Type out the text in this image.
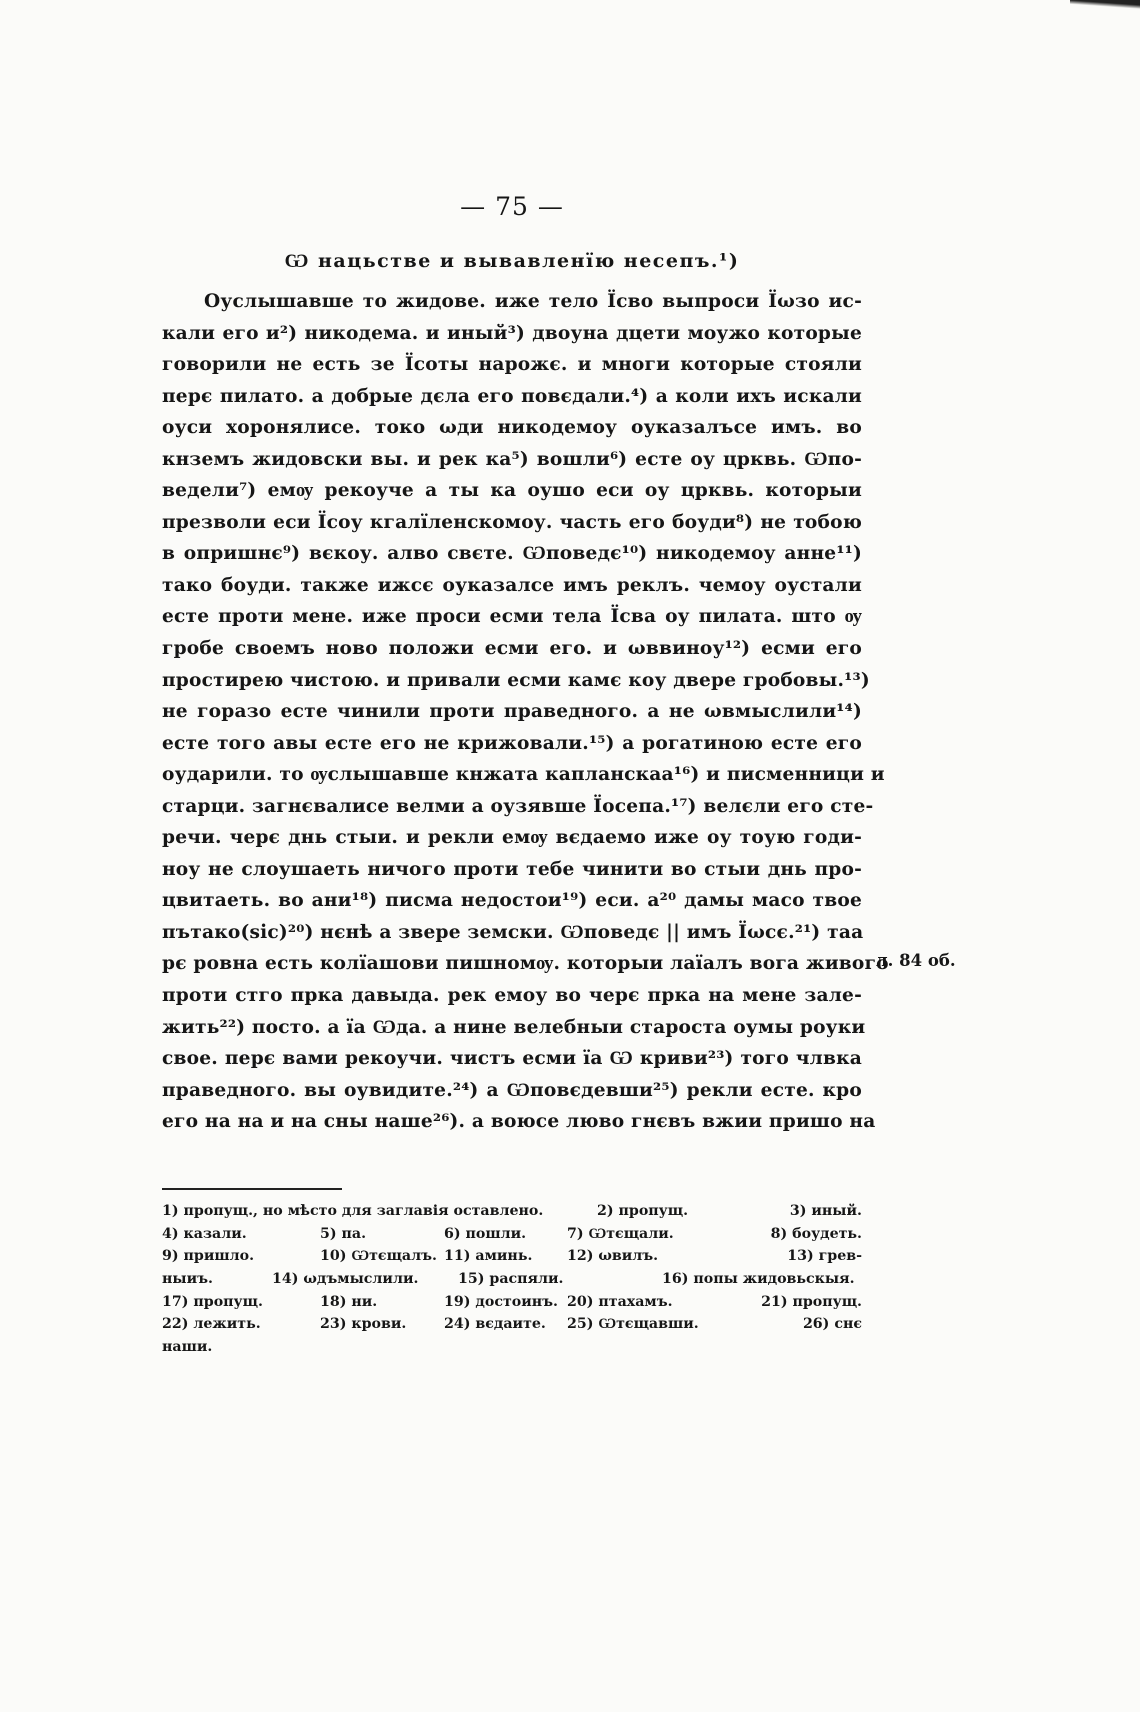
— 75 —
Ѡ нацьстве и вывавленїю несепъ.¹)
Оуслышавше то жидове. иже тело Їсво выпроси Їωзо ис-
кали его и²) никодема. и иный³) двоуна дцети моужо которые
говорили не есть зе Їсоты нарожє. и многи которые стояли
перє пилато. а добрые дєла его повєдали.⁴) а коли ихъ искали
оуси хоронялисе. токо ωди никодемоу оуказалъсе имъ. во
кнземъ жидовски вы. и рек ка⁵) вошли⁶) есте оу црквь. Ѡпо-
ведели⁷) емѹ рекоуче а ты ка оушо еси оу црквь. которыи
презволи еси Їсоу кгалїленскомоу. часть его боуди⁸) не тобою
в опришнє⁹) вєкоу. алво свєте. Ѡповедє¹⁰) никодемоу анне¹¹)
тако боуди. также ижсє оуказалсе имъ реклъ. чемоу оустали
есте проти мене. иже проси есми тела Їсва оу пилата. што ѹ
гробе своемъ ново положи есми его. и ωввиноу¹²) есми его
простирею чистою. и привали есми камє коу двере гробовы.¹³)
не горазо есте чинили проти праведного. а не ωвмыслили¹⁴)
есте того авы есте его не крижовали.¹⁵) а рогатиною есте его
оударили. то ѹслышавше кнжата капланскаа¹⁶) и писменници и
старци. загнєвалисе велми а оузявше Їосепа.¹⁷) велєли его сте-
речи. черє днь стыи. и рекли емѹ вєдаемо иже оу тоую годи-
ноу не слоушаеть ничого проти тебе чинити во стыи днь про-
цвитаеть. во ани¹⁸) писма недостои¹⁹) еси. а²⁰ дамы масо твое
пътако(sic)²⁰) нєнѣ а звере земски. Ѡповедє || имъ Їωсє.²¹) таа
рє ровна есть колїашови пишномѹ. которыи лаїалъ вога живого
проти стго прка давыда. рек емоу во черє прка на мене зале-
жить²²) посто. а їа Ѡда. а нине велебныи староста оумы роуки
свое. перє вами рекоучи. чистъ есми їа Ѡ криви²³) того члвка
праведного. вы оувидите.²⁴) а Ѡповєдевши²⁵) рекли есте. кро
его на на и на сны наше²⁶). а воюсе люво гнєвъ вжии пришо на
л. 84 об.
1) пропущ., но мѣсто для заглавія оставлено.	2) пропущ.	3) иный.
4) казали.	5) па.	6) пошли.	7) Ѡтєщали.	8) боудеть.
9) пришло.	10) Ѡтєщалъ. 11) аминь. 12) ωвилъ.	13) грев-
ныиъ.	14) ωдъмыслили.	15) распяли.	16) попы жидовьскыя.
17) пропущ.	18) ни.	19) достоинъ. 20) птахамъ.	21) пропущ.
22) лежить.	23) крови.	24) вєдаите. 25) Ѡтєщавши.	26) снє
наши.
